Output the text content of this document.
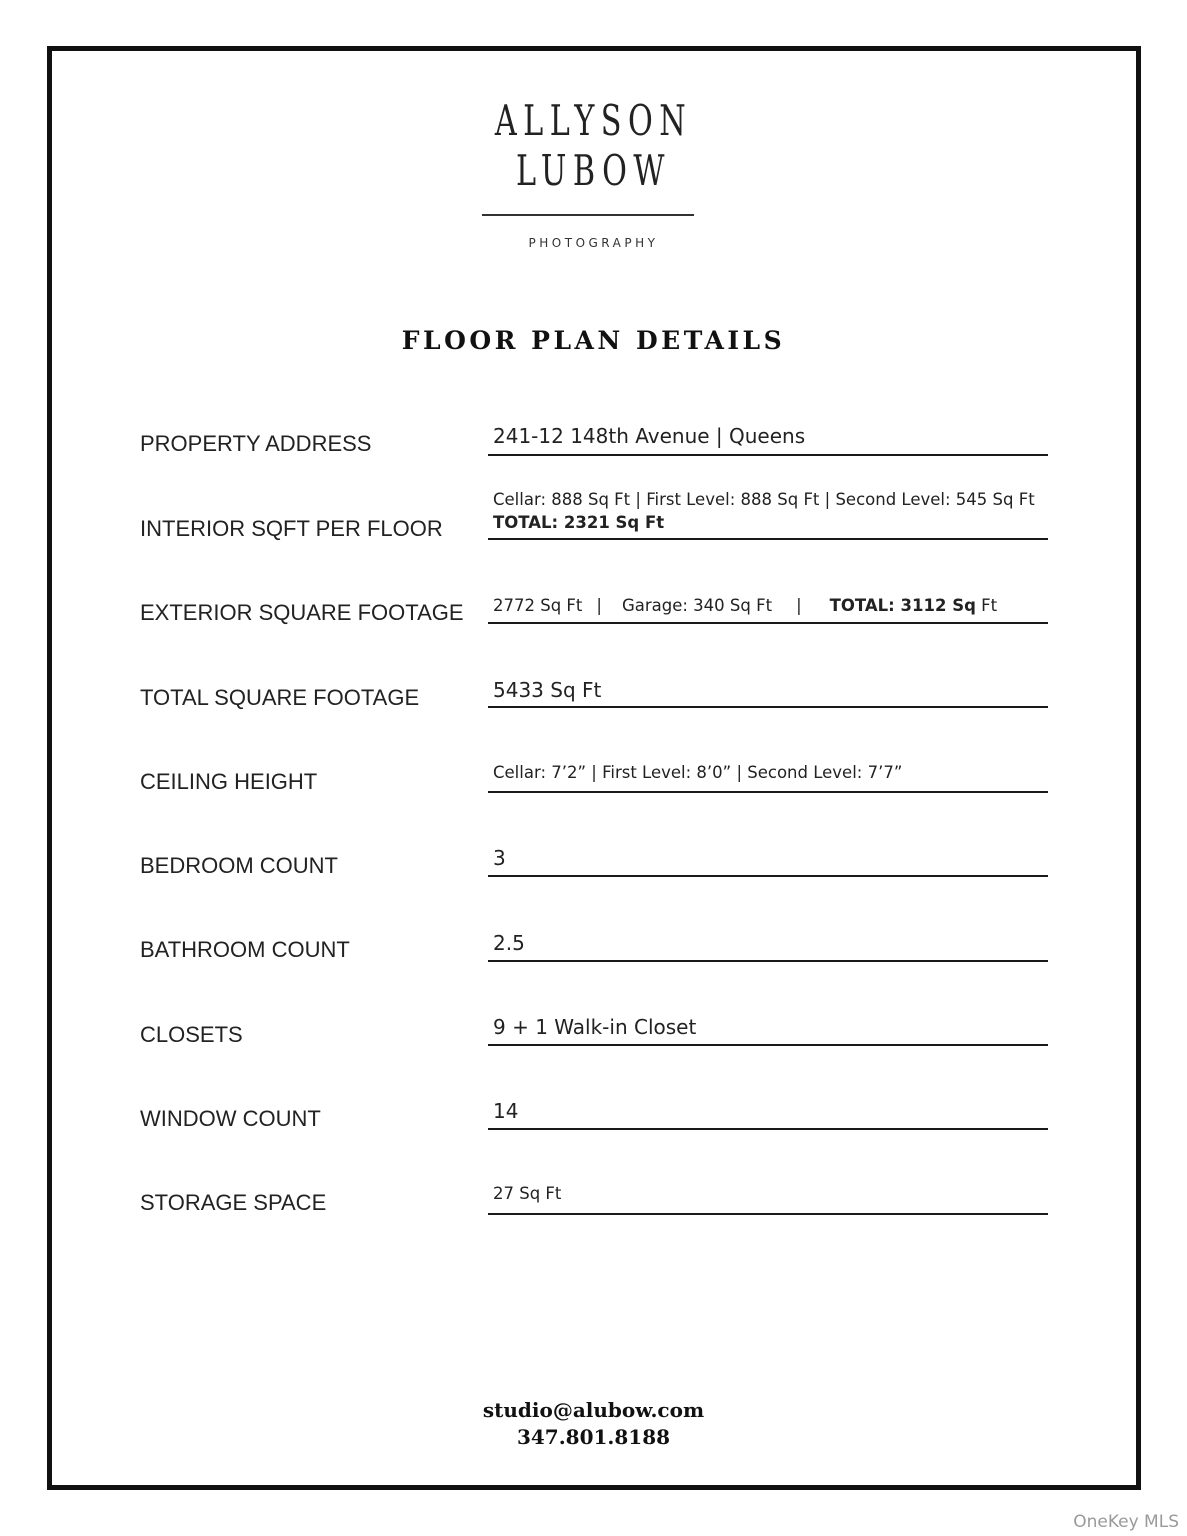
ALLYSON
LUBOW
PHOTOGRAPHY
FLOOR PLAN DETAILS
PROPERTY ADDRESS	241-12 148th Avenue | Queens
INTERIOR SQFT PER FLOOR
Cellar: 888 Sq Ft | First Level: 888 Sq Ft | Second Level: 545 Sq Ft
TOTAL: 2321 Sq Ft
EXTERIOR SQUARE FOOTAGE 2772 Sq Ft | Garage: 340 Sq Ft | TOTAL: 3112 Sq Ft
TOTAL SQUARE FOOTAGE	5433 Sq Ft
CEILING HEIGHT	Cellar: 7’2” | First Level: 8’0” | Second Level: 7’7”
BEDROOM COUNT	3
BATHROOM COUNT	2.5
CLOSETS	9 + 1 Walk-in Closet
WINDOW COUNT	14
STORAGE SPACE	27 Sq Ft
studio@alubow.com
347.801.8188
OneKey MLS
